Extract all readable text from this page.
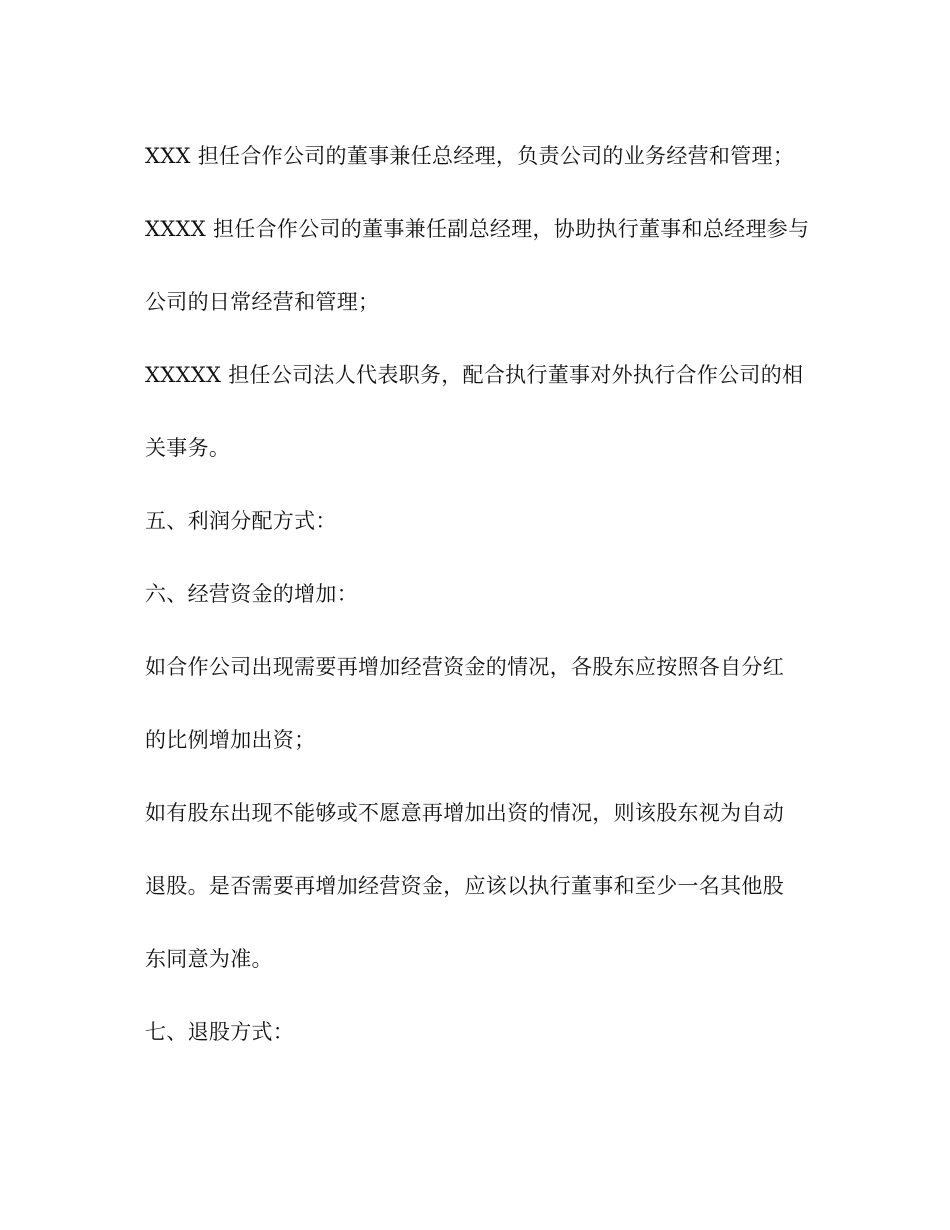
XXX 担任合作公司的董事兼任总经理，负责公司的业务经营和管理；
XXXX 担任合作公司的董事兼任副总经理，协助执行董事和总经理参与
公司的日常经营和管理；
XXXXX 担任公司法人代表职务，配合执行董事对外执行合作公司的相
关事务。
五、利润分配方式：
六、经营资金的增加：
如合作公司出现需要再增加经营资金的情况，各股东应按照各自分红
的比例增加出资；
如有股东出现不能够或不愿意再增加出资的情况，则该股东视为自动
退股。是否需要再增加经营资金，应该以执行董事和至少一名其他股
东同意为准。
七、退股方式：
